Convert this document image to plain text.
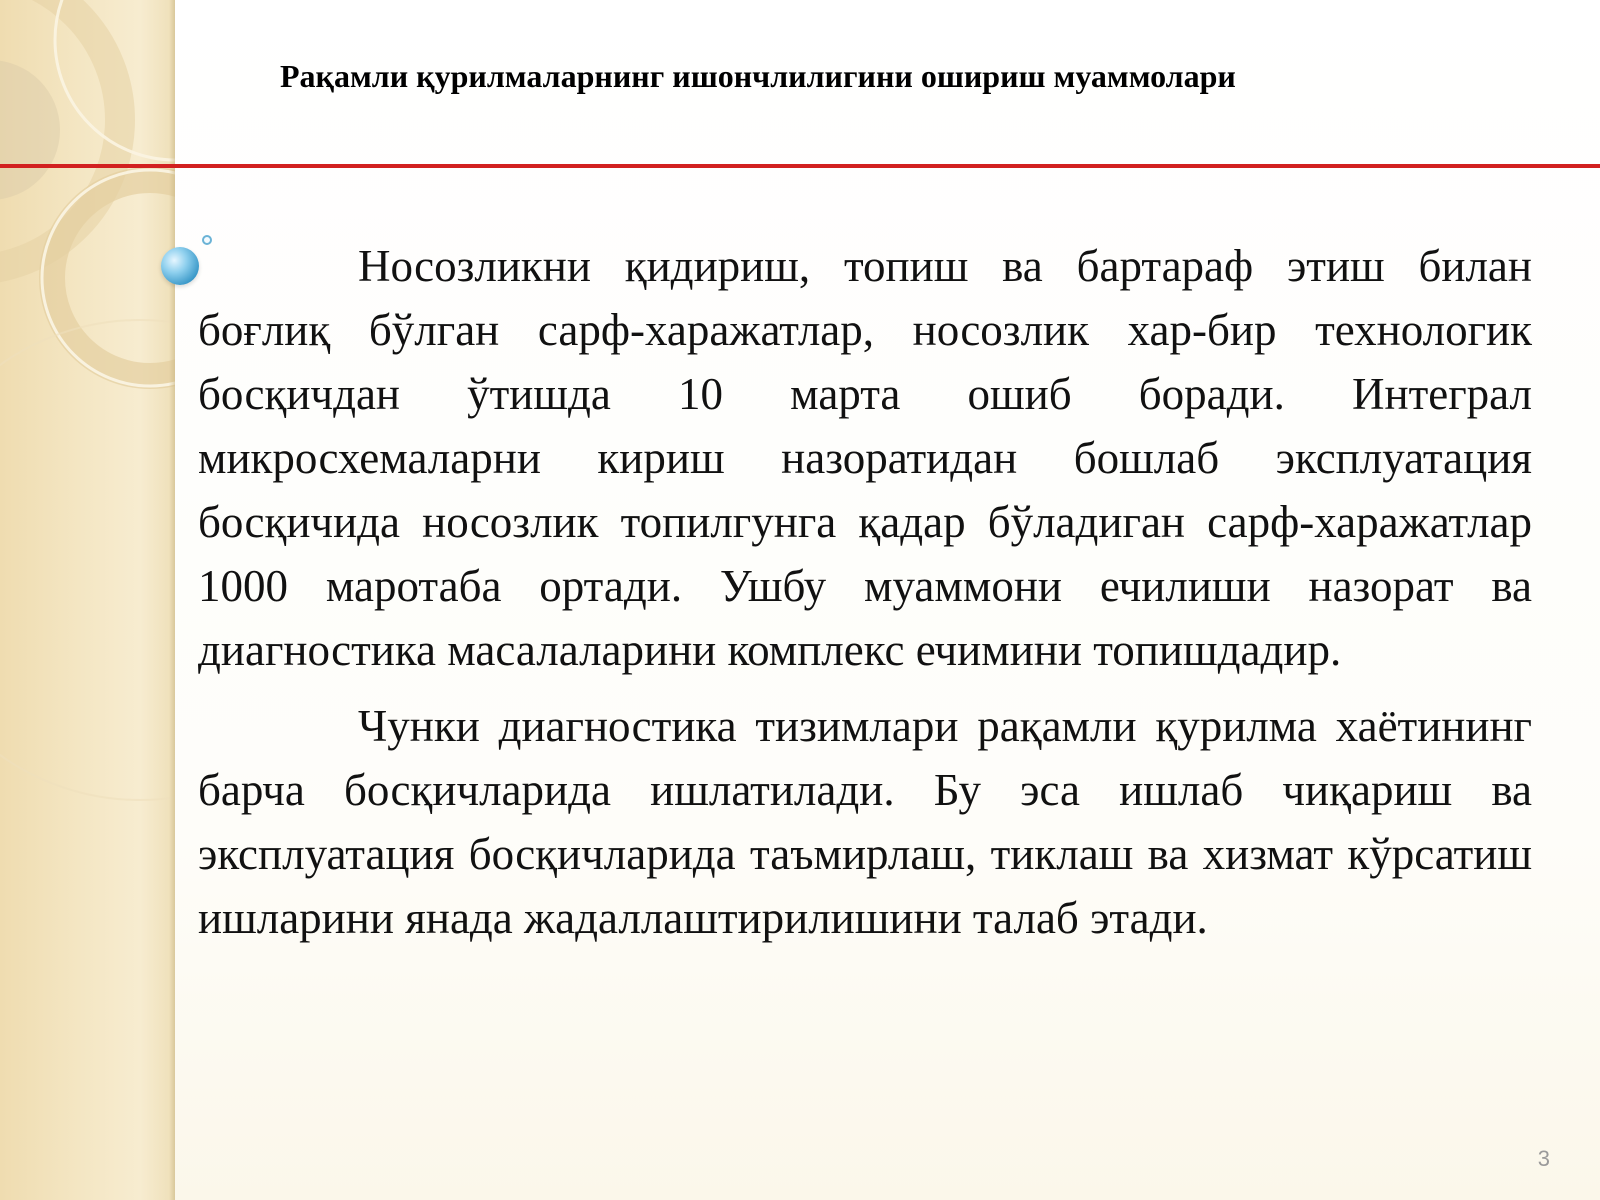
Рақамли қурилмаларнинг ишончлилигини ошириш муаммолари

Носозликни қидириш, топиш ва бартараф этиш билан боғлиқ бўлган сарф-харажатлар, носозлик хар-бир технологик босқичдан ўтишда 10 марта ошиб боради. Интеграл микросхемаларни кириш назоратидан бошлаб эксплуатация босқичида носозлик топилгунга қадар бўладиган сарф-харажатлар 1000 маротаба ортади. Ушбу муаммони ечилиши назорат ва диагностика масалаларини комплекс ечимини топишдадир.

Чунки диагностика тизимлари рақамли қурилма хаётининг барча босқичларида ишлатилади. Бу эса ишлаб чиқариш ва эксплуатация босқичларида таъмирлаш, тиклаш ва хизмат кўрсатиш ишларини янада жадаллаштирилишини талаб этади.

3
